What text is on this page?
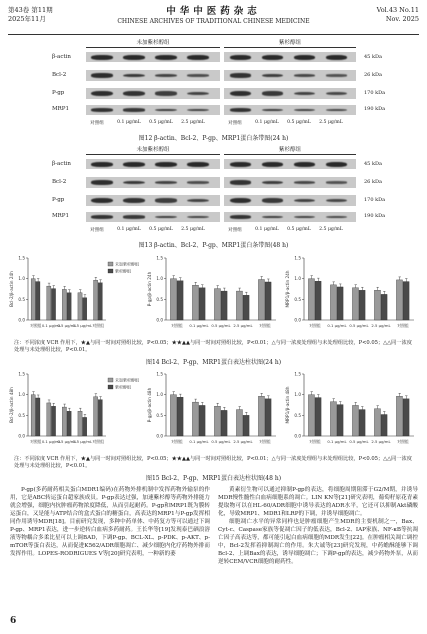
第43卷 第11期
2025年11月
中华中医药杂志
CHINESE ARCHIVES OF TRADITIONAL CHINESE MEDICINE
Vol.43 No.11
Nov. 2025
未加紫杉醇组	紫杉醇组
β-actin
Bcl-2
P-gp
MRP1
45 kDa
26 kDa
170 kDa
190 kDa
对照组	0.1 μg/mL	0.5 μg/mL	2.5 μg/mL	对照组	0.1 μg/mL	0.5 μg/mL	2.5 μg/mL
图12 β-actin、Bcl-2、P-gp、MRP1蛋白条带图(24 h)
未加紫杉醇组	紫杉醇组
β-actin
Bcl-2
P-gp
MRP1
45 kDa
26 kDa
170 kDa
190 kDa
对照组	0.1 μg/mL	0.5 μg/mL	2.5 μg/mL	对照组	0.1 μg/mL	0.5 μg/mL	2.5 μg/mL
图13 β-actin、Bcl-2、P-gp、MRP1蛋白条带图(48 h)
0.0
0.5
1.0
1.5
Bcl-2/β-actin 24h
对照组 0.1 μg/mL
0.5 μg/mL
2.5 μg/mL 对照组
未加紫杉醇组
紫杉醇组
0.0
0.5
1.0
1.5
P-gp/β-actin 24h
对照组 0.1 μg/mL 0.5 μg/mL 2.5 μg/mL 对照组
0.0
0.5
1.0
1.5
MRP1/β-actin 24h
对照组 0.1 μg/mL 0.5 μg/mL 2.5 μg/mL 对照组
注：不同浓度 VCR 作用下，★▲与同一时间对照组比较，P<0.05；★★▲▲与同一时间对照组比较，P<0.01；△与同一浓度处理组与未处理组比较，P<0.05；△△同一浓度处理与未处理组比较，P<0.01。
图14 Bcl-2、P-gp、MRP1蛋白表达柱状图(24 h)
0.0
0.5
1.0
1.5
Bcl-2/β-actin 48h
对照组 0.1 μg/mL
0.5 μg/mL
2.5 μg/mL 对照组
未加紫杉醇组
紫杉醇组
0.0
0.5
1.0
1.5
P-gp/β-actin 48h
对照组 0.1 μg/mL 0.5 μg/mL 2.5 μg/mL 对照组
0.0
0.5
1.0
1.5
MRP1/β-actin 48h
对照组 0.1 μg/mL 0.5 μg/mL 2.5 μg/mL 对照组
注：不同浓度 VCR 作用下，★▲与同一时间对照组比较，P<0.05；★★▲▲与同一时间对照组比较，P<0.01；△与同一浓度处理组与未处理组比较，P<0.05；△△同一浓度处理与未处理组比较，P<0.01。
图15 Bcl-2、P-gp、MRP1蛋白表达柱状图(48 h)

P-gp(多药耐药相关蛋白MDR1编码)在药物外排机制中发挥药物外输泵的作用，它是ABC转运蛋白超家族成员。P-gp表达过强，加速紫杉醇等药物外排能力就会增强，细胞内抗肿瘤药物浓度降低，从而引起耐药。P-gp和MRP1既为膜转运蛋白，又是能与ATP结合的盒式蛋白的糖蛋白，高表达的MRP1与P-gp发挥相同作用诱导MDR[18]。目前研究发现，多种中药单体、中药复方等可以通过下调P-gp、MRP1表达，进一步逆转白血病多药耐药。王长华等[19]发现泰巴硒浪溶液等物耦合多柔比星可以上调BAD，下调P-gp、BCL-XL、p-PDK、p-AKT、p-mTOR等蛋白表达，从而促进K562/ADR细胞凋亡、减少细胞内化疗药物外排而发挥作用。LOPES-RODRIGUES V等[20]研究表明，一种新的萎

黄素衍生物可以通过抑制P-gp的表达，将细胞周期阻滞于G2/M期，并诱导MDR慢性髓性白血病细胞系的凋亡。LIN KN等[21]研究表明，葡萄籽原花青素提取物可以在HL-60/ADR细胞中诱导表达的ADR水平，它还可以抑制Akt磷酸化，导致MRP1、MDR1和LRP的下调，并诱导细胞凋亡。

细胞凋亡水平的异常同样也是肿瘤细胞产生MDR的主要机制之一，Bax、Cyt-c、Caspase家族等促凋亡因子的低表达，Bcl-2、IAP家族、NF-κB等抗凋亡因子高表达等，都可能引起白血病细胞的MDR发生[22]。在肿瘤相关凋亡调控中，Bcl-2发挥着抑制凋亡的作用。朱大诚等[23]研究发现，中药蟾酥能够下调Bcl-2、上调Bax的表达，诱导细胞凋亡；下调P-gp的表达，减少药物外泵，从而逆转CEM/VCR细胞的耐药性。

6
